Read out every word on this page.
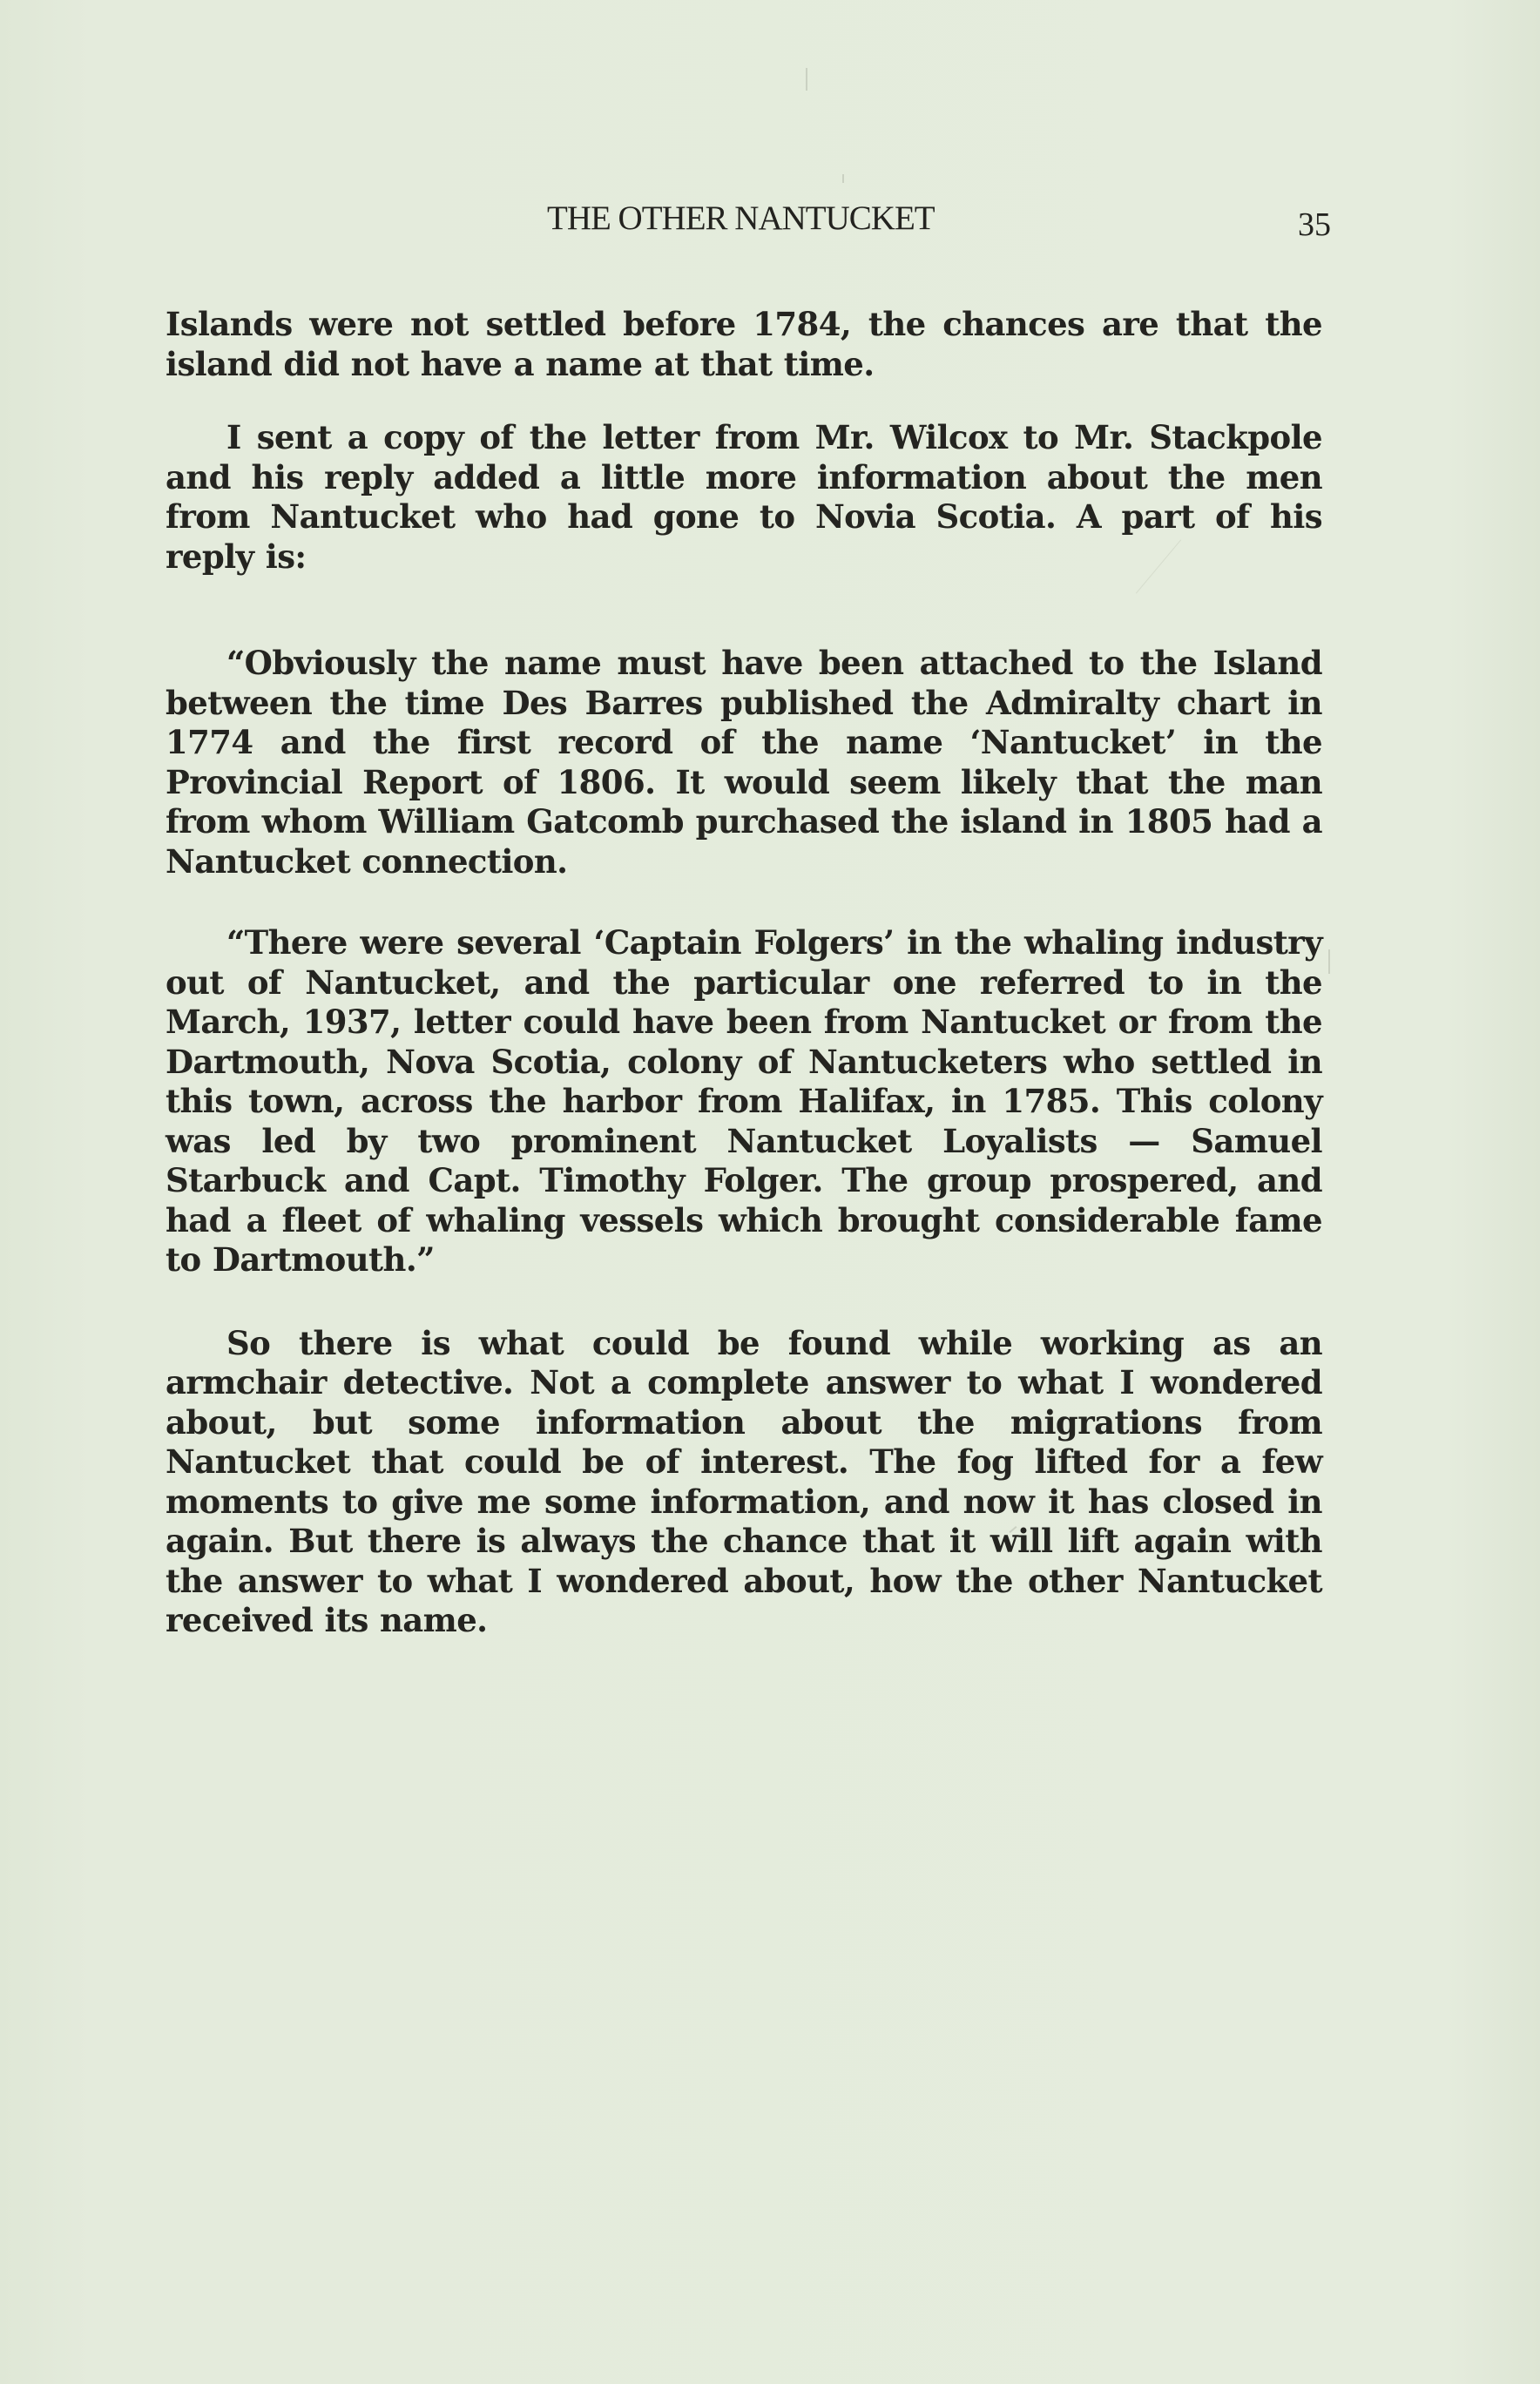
THE OTHER NANTUCKET	35

Islands were not settled before 1784, the chances are that the island did not have a name at that time.

I sent a copy of the letter from Mr. Wilcox to Mr. Stackpole and his reply added a little more information about the men from Nantucket who had gone to Novia Scotia. A part of his reply is:

“Obviously the name must have been attached to the Island between the time Des Barres published the Admiralty chart in 1774 and the first record of the name ‘Nantucket’ in the Provincial Report of 1806. It would seem likely that the man from whom William Gatcomb purchased the island in 1805 had a Nantucket connection.

“There were several ‘Captain Folgers’ in the whaling industry out of Nantucket, and the particular one referred to in the March, 1937, letter could have been from Nantucket or from the Dartmouth, Nova Scotia, colony of Nantucketers who settled in this town, across the harbor from Halifax, in 1785. This colony was led by two prominent Nantucket Loyalists — Samuel Starbuck and Capt. Timothy Folger. The group prospered, and had a fleet of whaling vessels which brought considerable fame to Dartmouth.”

So there is what could be found while working as an armchair detective. Not a complete answer to what I wondered about, but some information about the migrations from Nantucket that could be of interest. The fog lifted for a few moments to give me some information, and now it has closed in again. But there is always the chance that it will lift again with the answer to what I wondered about, how the other Nantucket received its name.
